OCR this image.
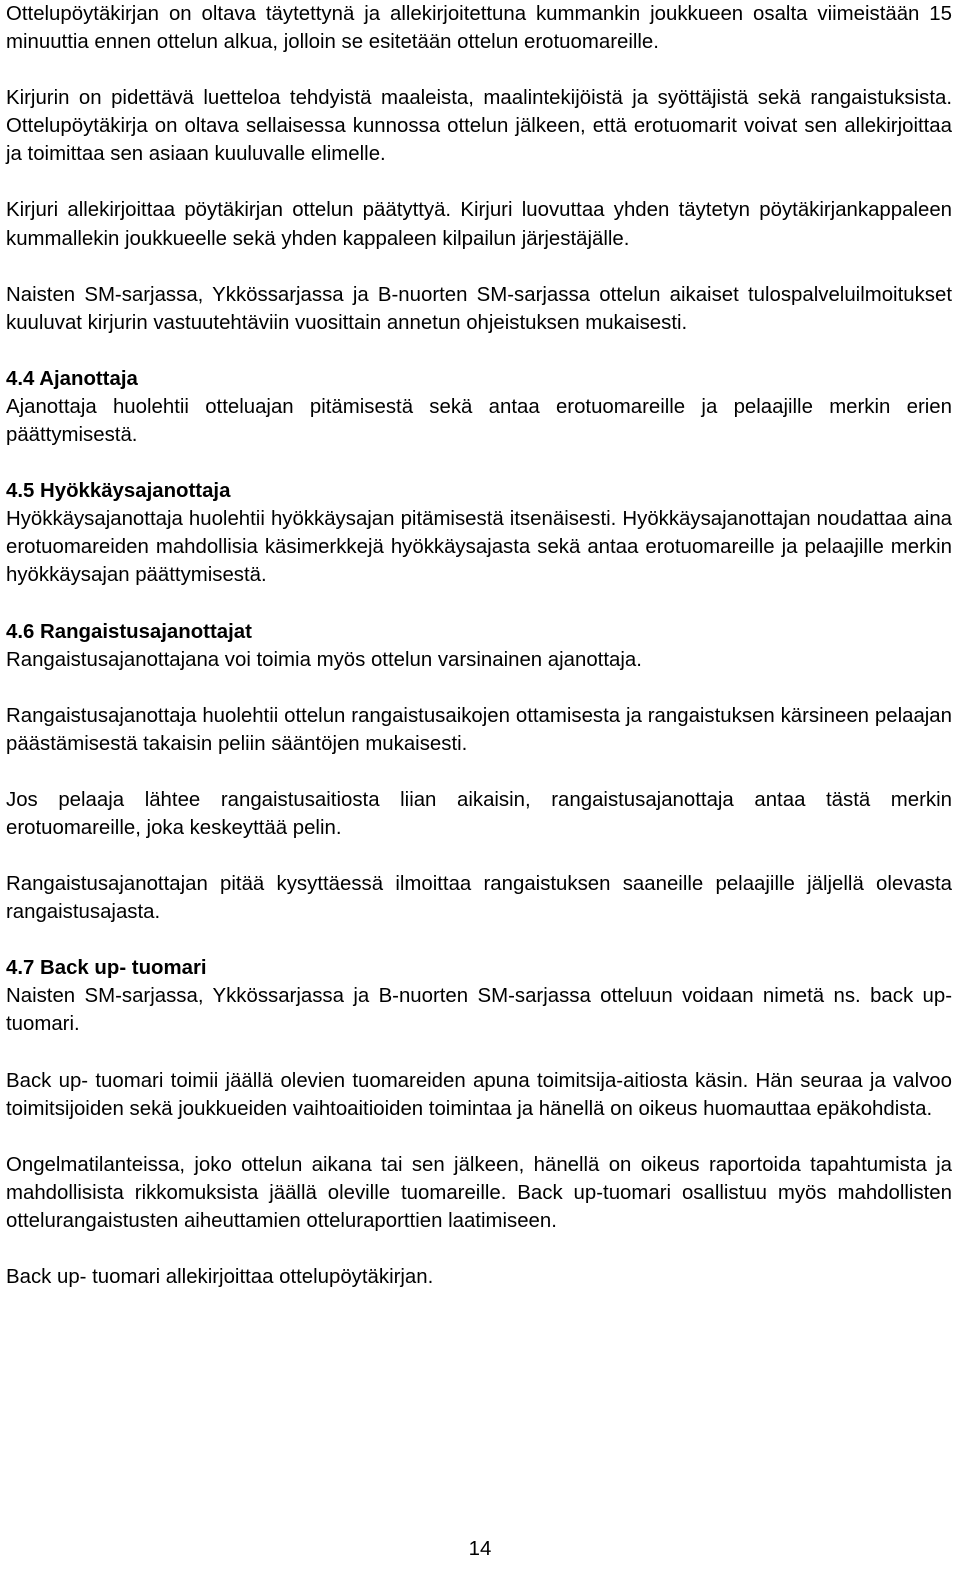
Ottelupöytäkirjan on oltava täytettynä ja allekirjoitettuna kummankin joukkueen osalta viimeistään 15 minuuttia ennen ottelun alkua, jolloin se esitetään ottelun erotuomareille.

Kirjurin on pidettävä luetteloa tehdyistä maaleista, maalintekijöistä ja syöttäjistä sekä rangaistuksista. Ottelupöytäkirja on oltava sellaisessa kunnossa ottelun jälkeen, että erotuomarit voivat sen allekirjoittaa ja toimittaa sen asiaan kuuluvalle elimelle.

Kirjuri allekirjoittaa pöytäkirjan ottelun päätyttyä. Kirjuri luovuttaa yhden täytetyn pöytäkirjankappaleen kummallekin joukkueelle sekä yhden kappaleen kilpailun järjestäjälle.

Naisten SM-sarjassa, Ykkössarjassa ja B-nuorten SM-sarjassa ottelun aikaiset tulospalveluilmoitukset kuuluvat kirjurin vastuutehtäviin vuosittain annetun ohjeistuksen mukaisesti.

4.4 Ajanottaja

Ajanottaja huolehtii otteluajan pitämisestä sekä antaa erotuomareille ja pelaajille merkin erien päättymisestä.

4.5 Hyökkäysajanottaja

Hyökkäysajanottaja huolehtii hyökkäysajan pitämisestä itsenäisesti. Hyökkäysajanottajan noudattaa aina erotuomareiden mahdollisia käsimerkkejä hyökkäysajasta sekä antaa erotuomareille ja pelaajille merkin hyökkäysajan päättymisestä.

4.6 Rangaistusajanottajat

Rangaistusajanottajana voi toimia myös ottelun varsinainen ajanottaja.

Rangaistusajanottaja huolehtii ottelun rangaistusaikojen ottamisesta ja rangaistuksen kärsineen pelaajan päästämisestä takaisin peliin sääntöjen mukaisesti.

Jos pelaaja lähtee rangaistusaitiosta liian aikaisin, rangaistusajanottaja antaa tästä merkin erotuomareille, joka keskeyttää pelin.

Rangaistusajanottajan pitää kysyttäessä ilmoittaa rangaistuksen saaneille pelaajille jäljellä olevasta rangaistusajasta.

4.7 Back up- tuomari

Naisten SM-sarjassa, Ykkössarjassa ja B-nuorten SM-sarjassa otteluun voidaan nimetä ns. back up- tuomari.

Back up- tuomari toimii jäällä olevien tuomareiden apuna toimitsija-aitiosta käsin. Hän seuraa ja valvoo toimitsijoiden sekä joukkueiden vaihtoaitioiden toimintaa ja hänellä on oikeus huomauttaa epäkohdista.

Ongelmatilanteissa, joko ottelun aikana tai sen jälkeen, hänellä on oikeus raportoida tapahtumista ja mahdollisista rikkomuksista jäällä oleville tuomareille. Back up-tuomari osallistuu myös mahdollisten ottelurangaistusten aiheuttamien otteluraporttien laatimiseen.

Back up- tuomari allekirjoittaa ottelupöytäkirjan.

14
